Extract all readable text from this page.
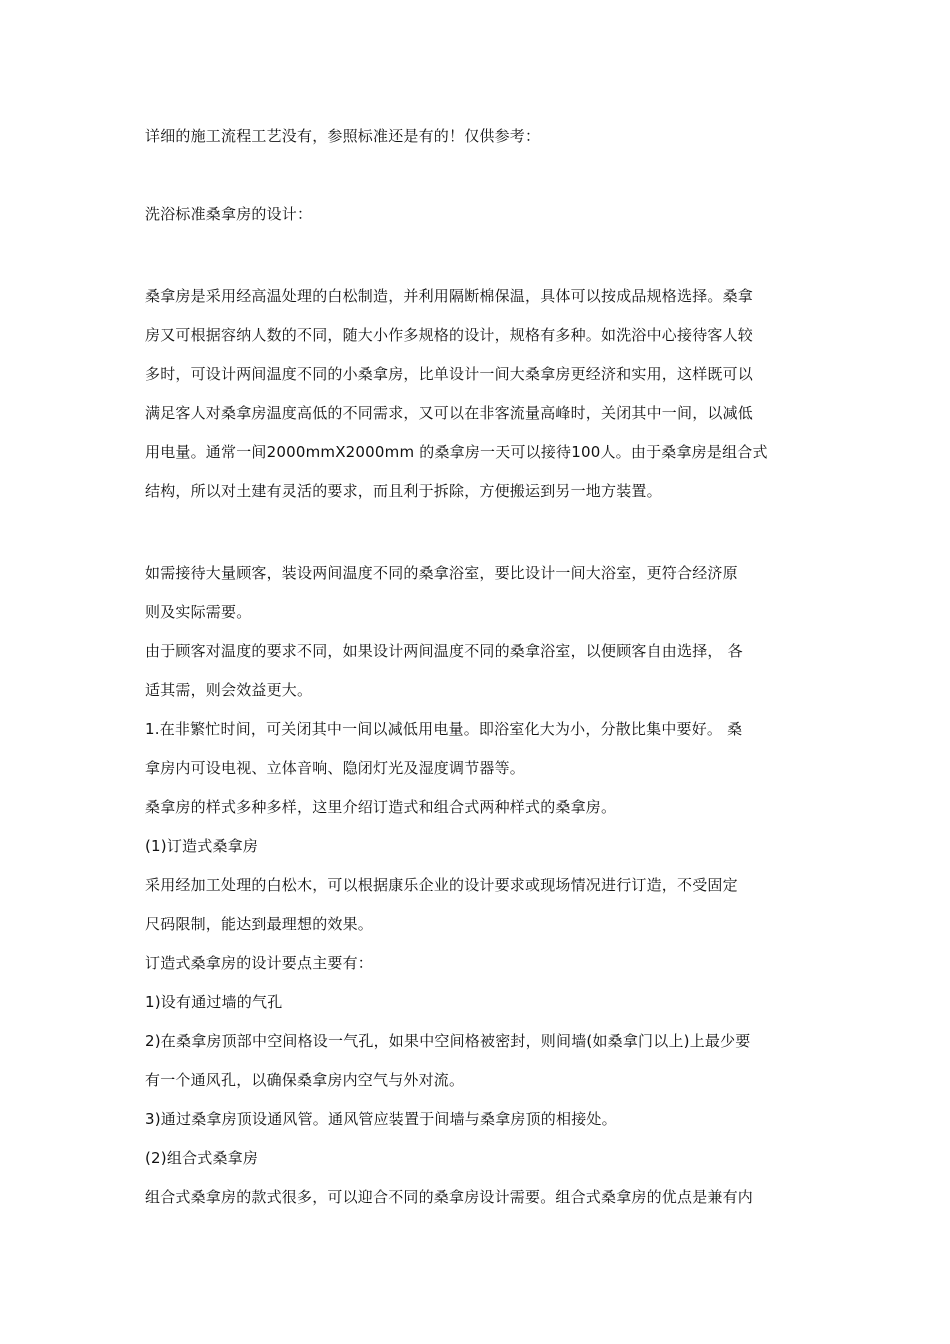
详细的施工流程工艺没有，参照标准还是有的！仅供参考：
洗浴标准桑拿房的设计：
桑拿房是采用经高温处理的白松制造，并利用隔断棉保温，具体可以按成品规格选择。桑拿
房又可根据容纳人数的不同，随大小作多规格的设计，规格有多种。如洗浴中心接待客人较
多时，可设计两间温度不同的小桑拿房，比单设计一间大桑拿房更经济和实用，这样既可以
满足客人对桑拿房温度高低的不同需求，又可以在非客流量高峰时，关闭其中一间，以减低
用电量。通常一间2000mmX2000mm 的桑拿房一天可以接待100人。由于桑拿房是组合式
结构，所以对土建有灵活的要求，而且利于拆除，方便搬运到另一地方装置。
如需接待大量顾客，装设两间温度不同的桑拿浴室，要比设计一间大浴室，更符合经济原
则及实际需要。
由于顾客对温度的要求不同，如果设计两间温度不同的桑拿浴室，以便顾客自由选择， 各
适其需，则会效益更大。
1.在非繁忙时间，可关闭其中一间以减低用电量。即浴室化大为小，分散比集中要好。 桑
拿房内可设电视、立体音响、隐闭灯光及湿度调节器等。
桑拿房的样式多种多样，这里介绍订造式和组合式两种样式的桑拿房。
(1)订造式桑拿房
采用经加工处理的白松木，可以根据康乐企业的设计要求或现场情况进行订造，不受固定
尺码限制，能达到最理想的效果。
订造式桑拿房的设计要点主要有：
1)设有通过墙的气孔
2)在桑拿房顶部中空间格设一气孔，如果中空间格被密封，则间墙(如桑拿门以上)上最少要
有一个通风孔，以确保桑拿房内空气与外对流。
3)通过桑拿房顶设通风管。通风管应装置于间墙与桑拿房顶的相接处。
(2)组合式桑拿房
组合式桑拿房的款式很多，可以迎合不同的桑拿房设计需要。组合式桑拿房的优点是兼有内
